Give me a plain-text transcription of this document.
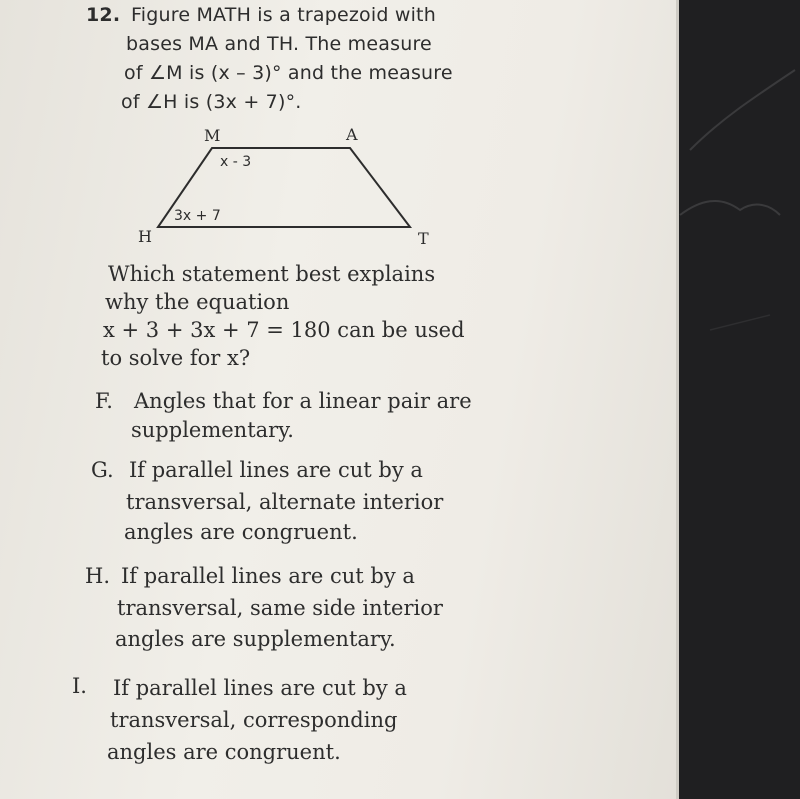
12. Figure MATH is a trapezoid with
bases MA and TH. The measure
of ∠M is (x – 3)° and the measure
of ∠H is (3x + 7)°.
M	A
H	T
x - 3
3x + 7
Which statement best explains
why the equation
x + 3 + 3x + 7 = 180 can be used
to solve for x?
F. Angles that for a linear pair are
supplementary.
G. If parallel lines are cut by a
transversal, alternate interior
angles are congruent.
H. If parallel lines are cut by a
transversal, same side interior
angles are supplementary.
I. If parallel lines are cut by a
transversal, corresponding
angles are congruent.
